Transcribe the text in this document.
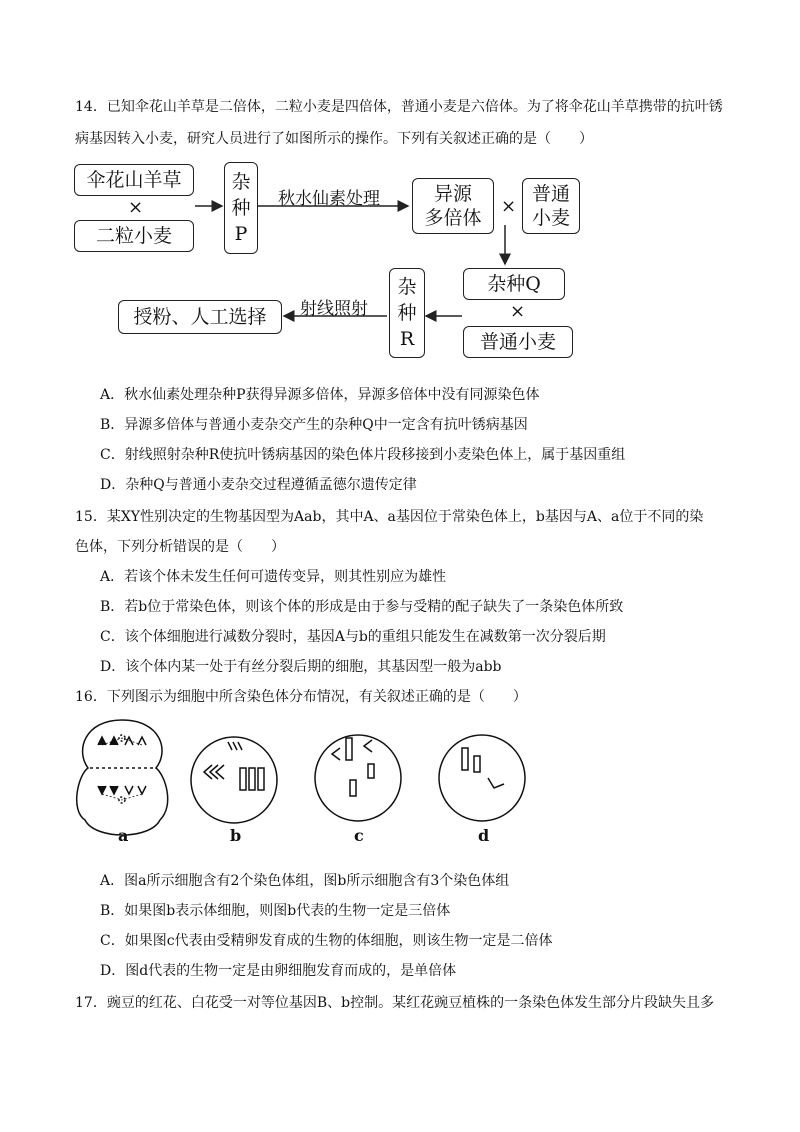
14．已知伞花山羊草是二倍体，二粒小麦是四倍体，普通小麦是六倍体。为了将伞花山羊草携带的抗叶锈
病基因转入小麦，研究人员进行了如图所示的操作。下列有关叙述正确的是（　　）
伞花山羊草
×
二粒小麦
杂
种
P
秋水仙素处理	异源
多倍体
×
普通
小麦
杂种Q
×
普通小麦
杂
种
R
射线照射
授粉、人工选择
A．秋水仙素处理杂种P获得异源多倍体，异源多倍体中没有同源染色体
B．异源多倍体与普通小麦杂交产生的杂种Q中一定含有抗叶锈病基因
C．射线照射杂种R使抗叶锈病基因的染色体片段移接到小麦染色体上，属于基因重组
D．杂种Q与普通小麦杂交过程遵循孟德尔遗传定律
15．某XY性别决定的生物基因型为Aab，其中A、a基因位于常染色体上，b基因与A、a位于不同的染
色体，下列分析错误的是（　　）
A．若该个体未发生任何可遗传变异，则其性别应为雄性
B．若b位于常染色体，则该个体的形成是由于参与受精的配子缺失了一条染色体所致
C．该个体细胞进行减数分裂时，基因A与b的重组只能发生在减数第一次分裂后期
D．该个体内某一处于有丝分裂后期的细胞，其基因型一般为abb
16．下列图示为细胞中所含染色体分布情况，有关叙述正确的是（　　）
a	b	c	d
A．图a所示细胞含有2个染色体组，图b所示细胞含有3个染色体组
B．如果图b表示体细胞，则图b代表的生物一定是三倍体
C．如果图c代表由受精卵发育成的生物的体细胞，则该生物一定是二倍体
D．图d代表的生物一定是由卵细胞发育而成的，是单倍体
17．豌豆的红花、白花受一对等位基因B、b控制。某红花豌豆植株的一条染色体发生部分片段缺失且多
